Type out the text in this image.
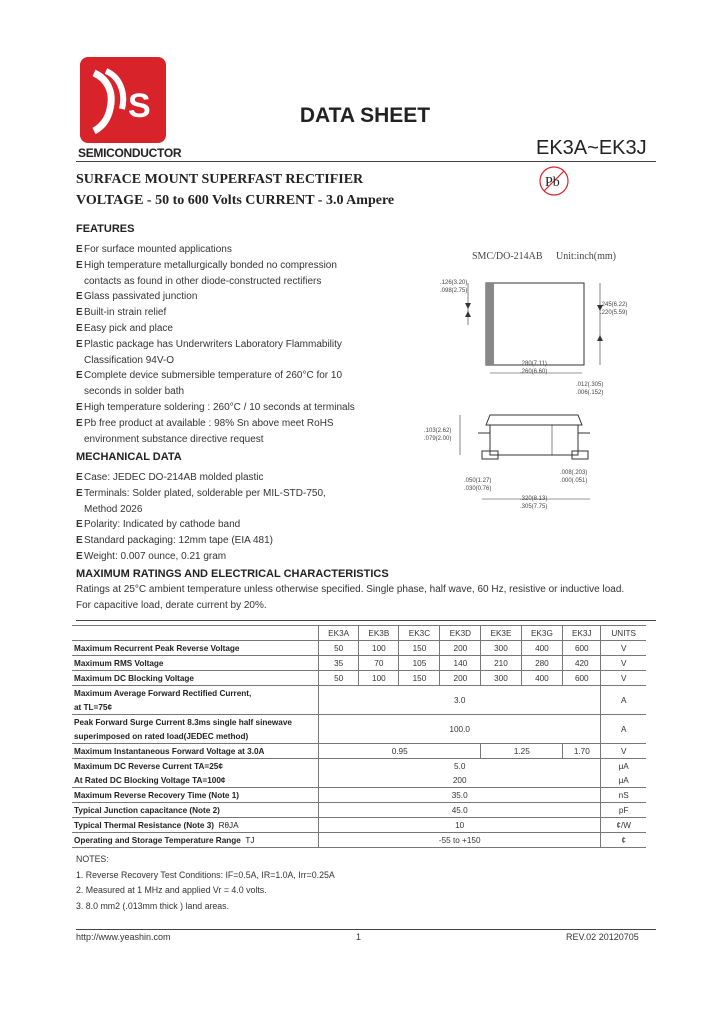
S
SEMICONDUCTOR
DATA SHEET
EK3A~EK3J
Pb
SURFACE MOUNT SUPERFAST RECTIFIER
VOLTAGE - 50 to 600 Volts CURRENT - 3.0 Ampere
FEATURES
EFor surface mounted applications
EHigh temperature metallurgically bonded no compression
contacts as found in other diode-constructed rectifiers
EGlass passivated junction
EBuilt-in strain relief
EEasy pick and place
EPlastic package has Underwriters Laboratory Flammability
Classification 94V-O
EComplete device submersible temperature of 260°C for 10
seconds in solder bath
EHigh temperature soldering : 260°C / 10 seconds at terminals
EPb free product at available : 98% Sn above meet RoHS
environment substance directive request
MECHANICAL DATA
ECase: JEDEC DO-214AB molded plastic
ETerminals: Solder plated, solderable per MIL-STD-750,
Method 2026
EPolarity: Indicated by cathode band
EStandard packaging: 12mm tape (EIA 481)
EWeight: 0.007 ounce, 0.21 gram
SMC/DO-214AB Unit:inch(mm)
.126(3.20)
.098(2.75)
.245(6.22)
.220(5.59)
.280(7.11)
.260(6.60)
.012(.305)
.006(.152)
.103(2.62)
.079(2.00)
.008(.203)
.000(.051)
.050(1.27)
.030(0.76)
.320(8.13)
.305(7.75)
MAXIMUM RATINGS AND ELECTRICAL CHARACTERISTICS
Ratings at 25°C ambient temperature unless otherwise specified. Single phase, half wave, 60 Hz, resistive or inductive load.
For capacitive load, derate current by 20%.
	EK3A	EK3B	EK3C	EK3D	EK3E	EK3G	EK3J	UNITS
Maximum Recurrent Peak Reverse Voltage	50	100	150	200	300	400	600	V
Maximum RMS Voltage	35	70	105	140	210	280	420	V
Maximum DC Blocking Voltage	50	100	150	200	300	400	600	V
Maximum Average Forward Rectified Current,	3.0							A
at TL=75¢								
Peak Forward Surge Current 8.3ms single half sinewave	100.0							A
superimposed on rated load(JEDEC method)								
Maximum Instantaneous Forward Voltage at 3.0A	0.95				1.25		1.70	V
Maximum DC Reverse Current TA=25¢	5.0							μA
At Rated DC Blocking Voltage TA=100¢	200							μA
Maximum Reverse Recovery Time (Note 1)	35.0							nS
Typical Junction capacitance (Note 2)	45.0							pF
Typical Thermal Resistance (Note 3) RθJA	10							¢/W
Operating and Storage Temperature Range TJ	-55 to +150							¢
NOTES:
1. Reverse Recovery Test Conditions: IF=0.5A, IR=1.0A, Irr=0.25A
2. Measured at 1 MHz and applied Vr = 4.0 volts.
3. 8.0 mm2 (.013mm thick ) land areas.
http://www.yeashin.com	1	REV.02 20120705
